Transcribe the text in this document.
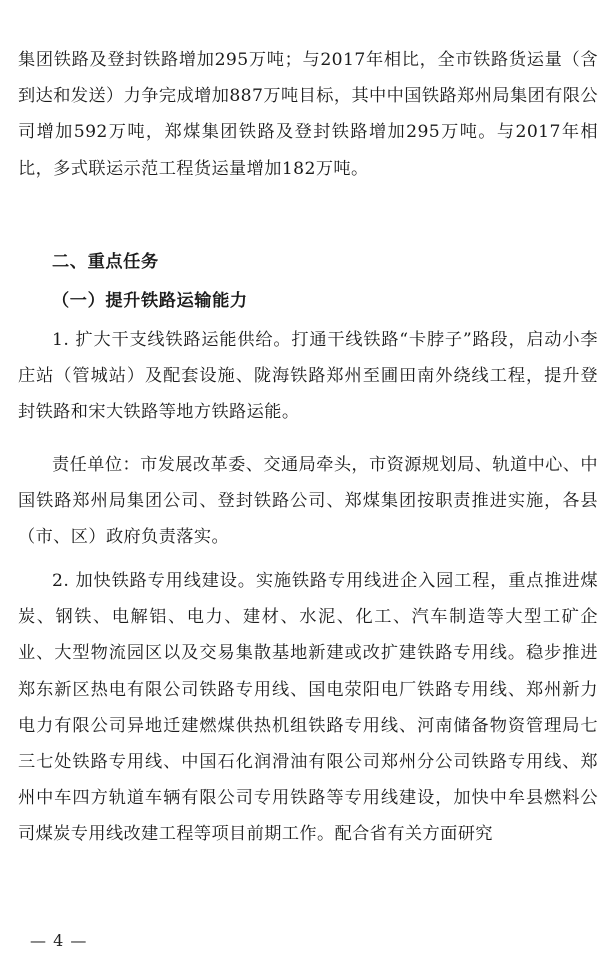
集团铁路及登封铁路增加295万吨；与2017年相比，全市铁路货运量（含到达和发送）力争完成增加887万吨目标，其中中国铁路郑州局集团有限公司增加592万吨，郑煤集团铁路及登封铁路增加295万吨。与2017年相比，多式联运示范工程货运量增加182万吨。

二、重点任务

（一）提升铁路运输能力

1. 扩大干支线铁路运能供给。打通干线铁路“卡脖子”路段，启动小李庄站（管城站）及配套设施、陇海铁路郑州至圃田南外绕线工程，提升登封铁路和宋大铁路等地方铁路运能。

责任单位：市发展改革委、交通局牵头，市资源规划局、轨道中心、中国铁路郑州局集团公司、登封铁路公司、郑煤集团按职责推进实施，各县（市、区）政府负责落实。

2. 加快铁路专用线建设。实施铁路专用线进企入园工程，重点推进煤炭、钢铁、电解铝、电力、建材、水泥、化工、汽车制造等大型工矿企业、大型物流园区以及交易集散基地新建或改扩建铁路专用线。稳步推进郑东新区热电有限公司铁路专用线、国电荥阳电厂铁路专用线、郑州新力电力有限公司异地迁建燃煤供热机组铁路专用线、河南储备物资管理局七三七处铁路专用线、中国石化润滑油有限公司郑州分公司铁路专用线、郑州中车四方轨道车辆有限公司专用铁路等专用线建设，加快中牟县燃料公司煤炭专用线改建工程等项目前期工作。配合省有关方面研究

— 4 —
